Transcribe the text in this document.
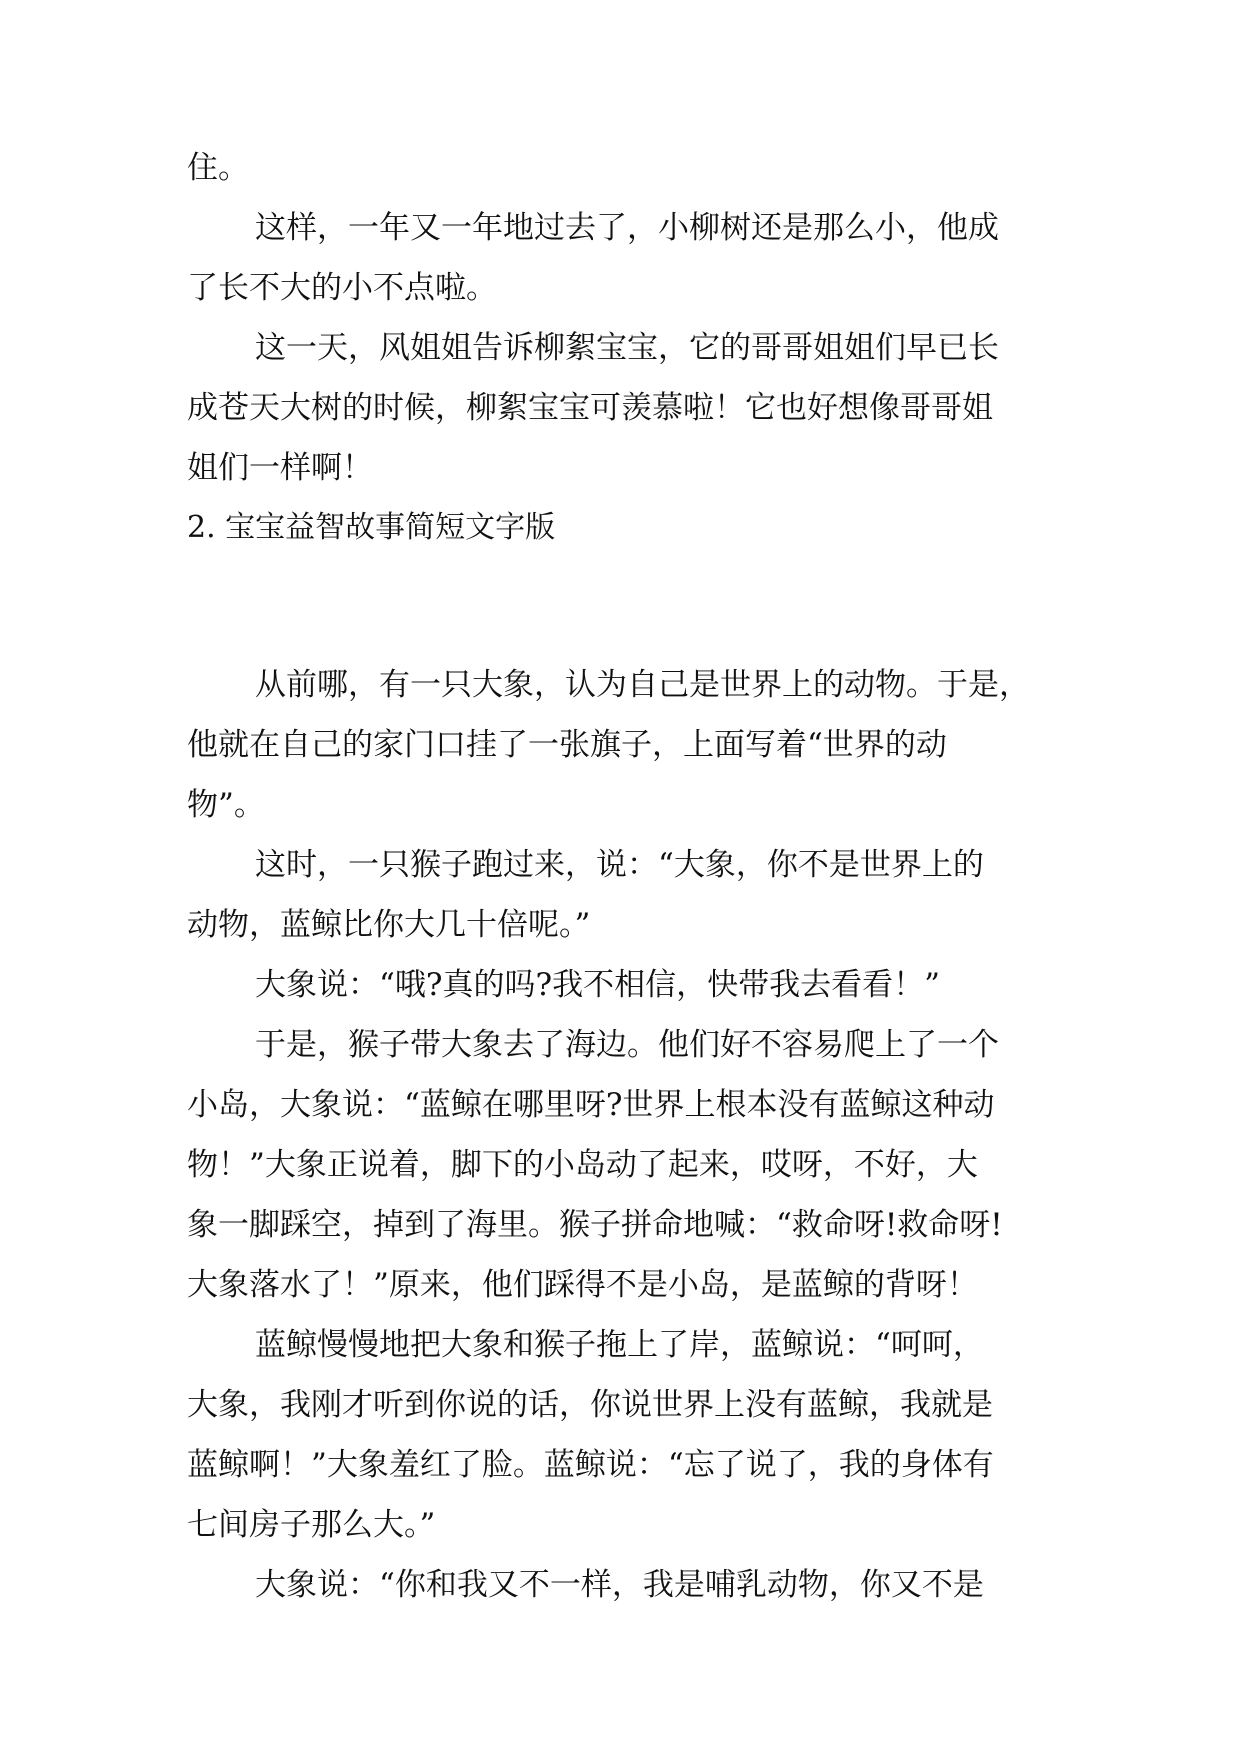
住。
这样，一年又一年地过去了，小柳树还是那么小，他成
了长不大的小不点啦。
这一天，风姐姐告诉柳絮宝宝，它的哥哥姐姐们早已长
成苍天大树的时候，柳絮宝宝可羡慕啦！它也好想像哥哥姐
姐们一样啊！
2. 宝宝益智故事简短文字版
从前哪，有一只大象，认为自己是世界上的动物。于是，
他就在自己的家门口挂了一张旗子，上面写着“世界的动
物”。
这时，一只猴子跑过来，说：“大象，你不是世界上的
动物，蓝鲸比你大几十倍呢。”
大象说：“哦?真的吗?我不相信，快带我去看看！”
于是，猴子带大象去了海边。他们好不容易爬上了一个
小岛，大象说：“蓝鲸在哪里呀?世界上根本没有蓝鲸这种动
物！”大象正说着，脚下的小岛动了起来，哎呀，不好，大
象一脚踩空，掉到了海里。猴子拼命地喊：“救命呀!救命呀!
大象落水了！”原来，他们踩得不是小岛，是蓝鲸的背呀！
蓝鲸慢慢地把大象和猴子拖上了岸，蓝鲸说：“呵呵，
大象，我刚才听到你说的话，你说世界上没有蓝鲸，我就是
蓝鲸啊！”大象羞红了脸。蓝鲸说：“忘了说了，我的身体有
七间房子那么大。”
大象说：“你和我又不一样，我是哺乳动物，你又不是
